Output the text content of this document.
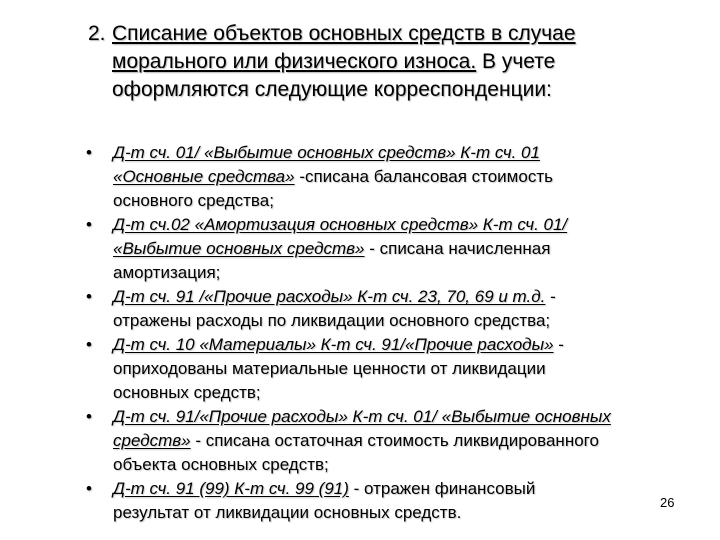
2. Списание объектов основных средств в случае
морального или физического износа. В учете
оформляются следующие корреспонденции:
•	Д-т сч. 01/ «Выбытие основных средств» К-т сч. 01
«Основные средства» -списана балансовая стоимость
основного средства;
•	Д-т сч.02 «Амортизация основных средств» К-т сч. 01/
«Выбытие основных средств» - списана начисленная
амортизация;
•	Д-т сч. 91 /«Прочие расходы» К-т сч. 23, 70, 69 и т.д. -
отражены расходы по ликвидации основного средства;
•	Д-т сч. 10 «Материалы» К-т сч. 91/«Прочие расходы» -
оприходованы материальные ценности от ликвидации
основных средств;
•	Д-т сч. 91/«Прочие расходы» К-т сч. 01/ «Выбытие основных
средств» - списана остаточная стоимость ликвидированного
объекта основных средств;
•	Д-т сч. 91 (99) К-т сч. 99 (91) - отражен финансовый
результат от ликвидации основных средств.
26
